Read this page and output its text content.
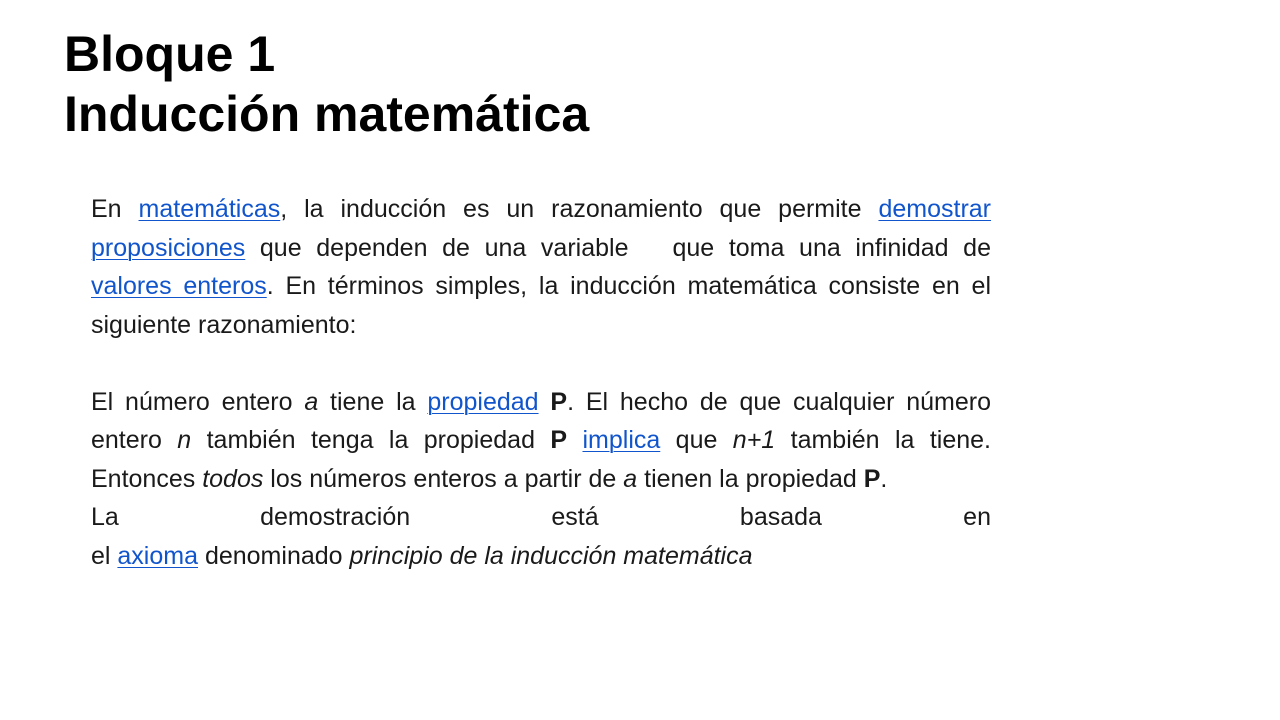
Bloque 1
Inducción matemática

En matemáticas, la inducción es un razonamiento que permite demostrar proposiciones que dependen de una variable que toma una infinidad de valores enteros. En términos simples, la inducción matemática consiste en el siguiente razonamiento:

El número entero a tiene la propiedad P. El hecho de que cualquier número entero n también tenga la propiedad P implica que n+1 también la tiene. Entonces todos los números enteros a partir de a tienen la propiedad P.

La demostración está basada en

el axioma denominado principio de la inducción matemática
